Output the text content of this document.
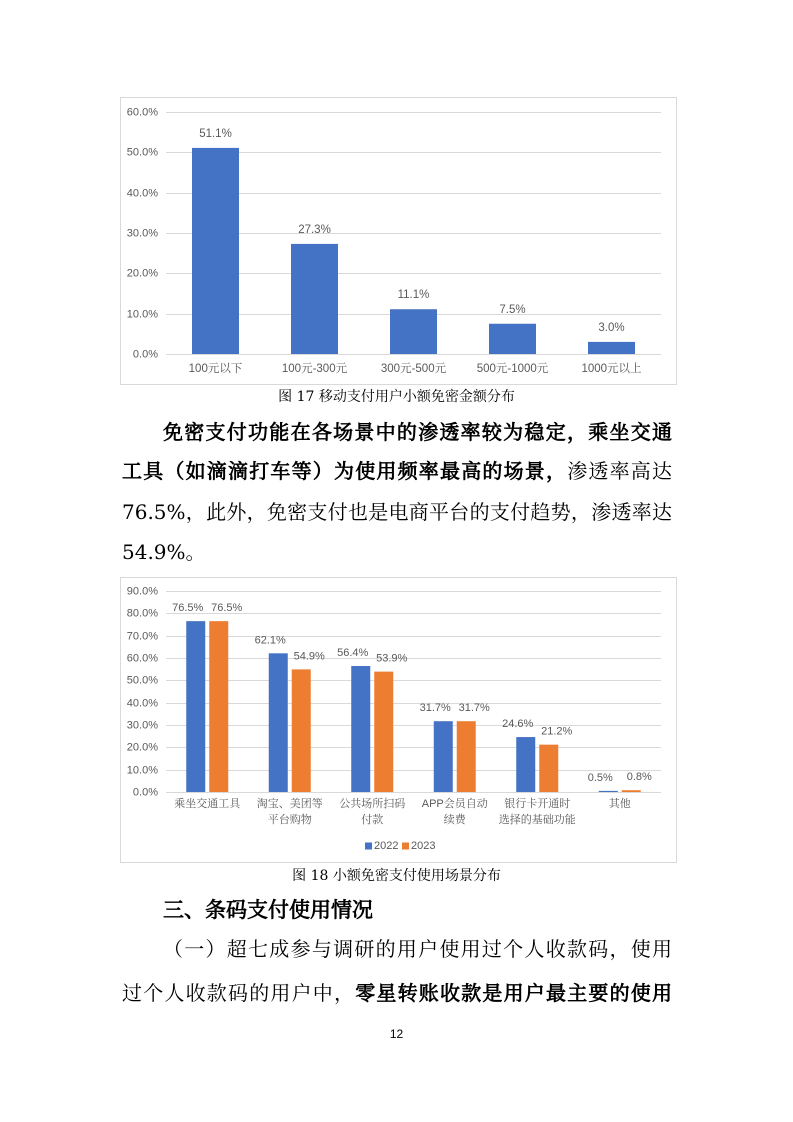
0.0%
10.0%
20.0%
30.0%
40.0%
50.0%
60.0%
51.1%
100元以下
27.3%
100元-300元
11.1%
300元-500元
7.5%
500元-1000元
3.0%
1000元以上
图 17 移动支付用户小额免密金额分布
免密支付功能在各场景中的渗透率较为稳定，乘坐交通
工具（如滴滴打车等）为使用频率最高的场景，渗透率高达
76.5%，此外，免密支付也是电商平台的支付趋势，渗透率达
54.9%。
0.0%
10.0%
20.0%
30.0%
40.0%
50.0%
60.0%
70.0%
80.0%
90.0%
76.5% 76.5%
乘坐交通工具
62.1%
54.9%
淘宝、美团等
平台购物
56.4% 53.9%
公共场所扫码
付款
31.7% 31.7%
APP会员自动
续费
24.6%
21.2%
银行卡开通时
选择的基础功能
0.5% 0.8%
其他
2022 2023
图 18 小额免密支付使用场景分布
三、条码支付使用情况
（一）超七成参与调研的用户使用过个人收款码，使用
过个人收款码的用户中，零星转账收款是用户最主要的使用
12
